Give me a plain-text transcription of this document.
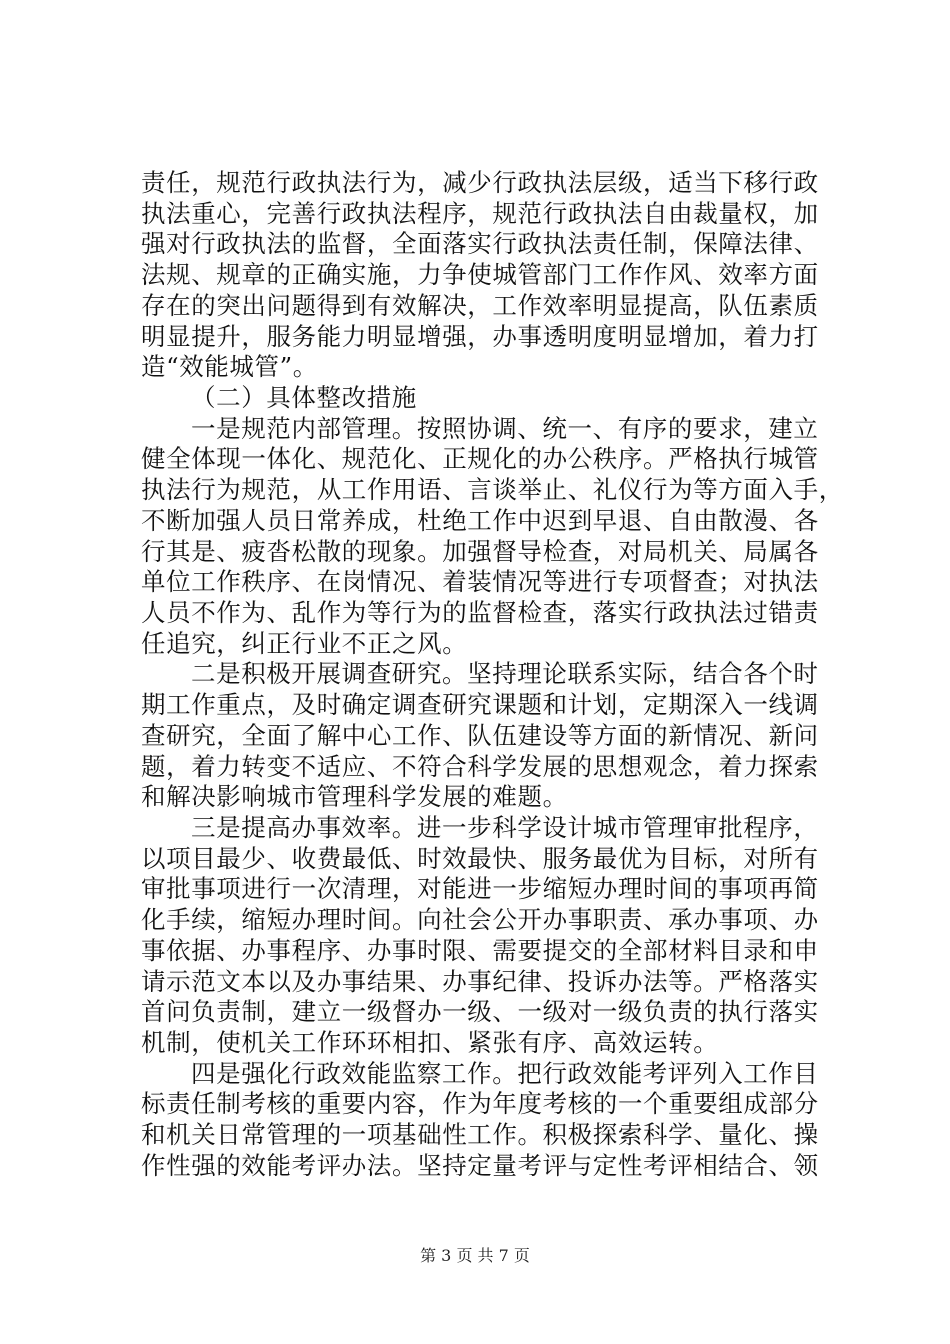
责任，规范行政执法行为，减少行政执法层级，适当下移行政
执法重心，完善行政执法程序，规范行政执法自由裁量权，加
强对行政执法的监督，全面落实行政执法责任制，保障法律、
法规、规章的正确实施，力争使城管部门工作作风、效率方面
存在的突出问题得到有效解决，工作效率明显提高，队伍素质
明显提升，服务能力明显增强，办事透明度明显增加，着力打
造“效能城管”。
（二）具体整改措施
一是规范内部管理。按照协调、统一、有序的要求，建立
健全体现一体化、规范化、正规化的办公秩序。严格执行城管
执法行为规范，从工作用语、言谈举止、礼仪行为等方面入手，
不断加强人员日常养成，杜绝工作中迟到早退、自由散漫、各
行其是、疲沓松散的现象。加强督导检查，对局机关、局属各
单位工作秩序、在岗情况、着装情况等进行专项督查；对执法
人员不作为、乱作为等行为的监督检查，落实行政执法过错责
任追究，纠正行业不正之风。
二是积极开展调查研究。坚持理论联系实际，结合各个时
期工作重点，及时确定调查研究课题和计划，定期深入一线调
查研究，全面了解中心工作、队伍建设等方面的新情况、新问
题，着力转变不适应、不符合科学发展的思想观念，着力探索
和解决影响城市管理科学发展的难题。
三是提高办事效率。进一步科学设计城市管理审批程序，
以项目最少、收费最低、时效最快、服务最优为目标，对所有
审批事项进行一次清理，对能进一步缩短办理时间的事项再简
化手续，缩短办理时间。向社会公开办事职责、承办事项、办
事依据、办事程序、办事时限、需要提交的全部材料目录和申
请示范文本以及办事结果、办事纪律、投诉办法等。严格落实
首问负责制，建立一级督办一级、一级对一级负责的执行落实
机制，使机关工作环环相扣、紧张有序、高效运转。
四是强化行政效能监察工作。把行政效能考评列入工作目
标责任制考核的重要内容，作为年度考核的一个重要组成部分
和机关日常管理的一项基础性工作。积极探索科学、量化、操
作性强的效能考评办法。坚持定量考评与定性考评相结合、领
第 3 页 共 7 页
